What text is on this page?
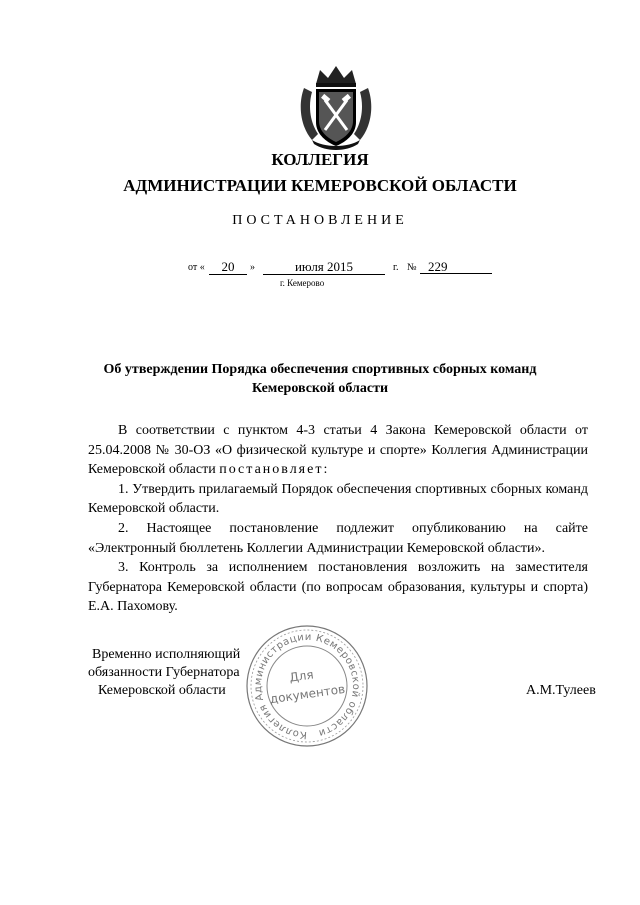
КОЛЛЕГИЯ
АДМИНИСТРАЦИИ КЕМЕРОВСКОЙ ОБЛАСТИ
ПОСТАНОВЛЕНИЕ
от «	20	»	июля 2015	г. № 229
г. Кемерово
Об утверждении Порядка обеспечения спортивных сборных команд
Кемеровской области

В соответствии с пунктом 4-3 статьи 4 Закона Кемеровской области от 25.04.2008 № 30-ОЗ «О физической культуре и спорте» Коллегия Администрации Кемеровской области постановляет:

1. Утвердить прилагаемый Порядок обеспечения спортивных сборных команд Кемеровской области.

2. Настоящее постановление подлежит опубликованию на сайте «Электронный бюллетень Коллегии Администрации Кемеровской области».

3. Контроль за исполнением постановления возложить на заместителя Губернатора Кемеровской области (по вопросам образования, культуры и спорта) Е.А. Пахомову.

Коллегия Администрации Кемеровской области
Для
документов
Временно исполняющий
обязанности Губернатора
Кемеровской области	А.М.Тулеев
